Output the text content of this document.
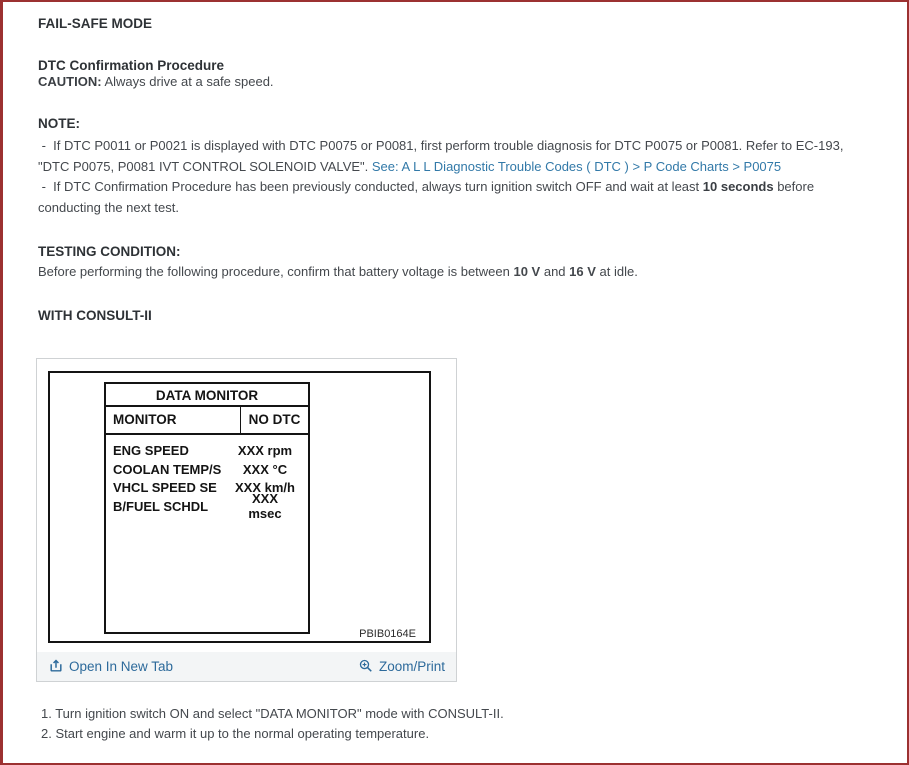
FAIL-SAFE MODE
DTC Confirmation Procedure

CAUTION: Always drive at a safe speed.

NOTE:
-  If DTC P0011 or P0021 is displayed with DTC P0075 or P0081, first perform trouble diagnosis for DTC P0075 or P0081. Refer to EC-193,
"DTC P0075, P0081 IVT CONTROL SOLENOID VALVE". See: A L L Diagnostic Trouble Codes ( DTC ) > P Code Charts > P0075
-  If DTC Confirmation Procedure has been previously conducted, always turn ignition switch OFF and wait at least 10 seconds before
conducting the next test.
TESTING CONDITION:
Before performing the following procedure, confirm that battery voltage is between 10 V and 16 V at idle.
WITH CONSULT-II
DATA MONITOR
MONITOR	NO DTC
ENG SPEED	XXX rpm
COOLAN TEMP/S	XXX °C
VHCL SPEED SE	XXX km/h
B/FUEL SCHDL	XXX msec
PBIB0164E
Open In New Tab	Zoom/Print
1. Turn ignition switch ON and select "DATA MONITOR" mode with CONSULT-II.
2. Start engine and warm it up to the normal operating temperature.
